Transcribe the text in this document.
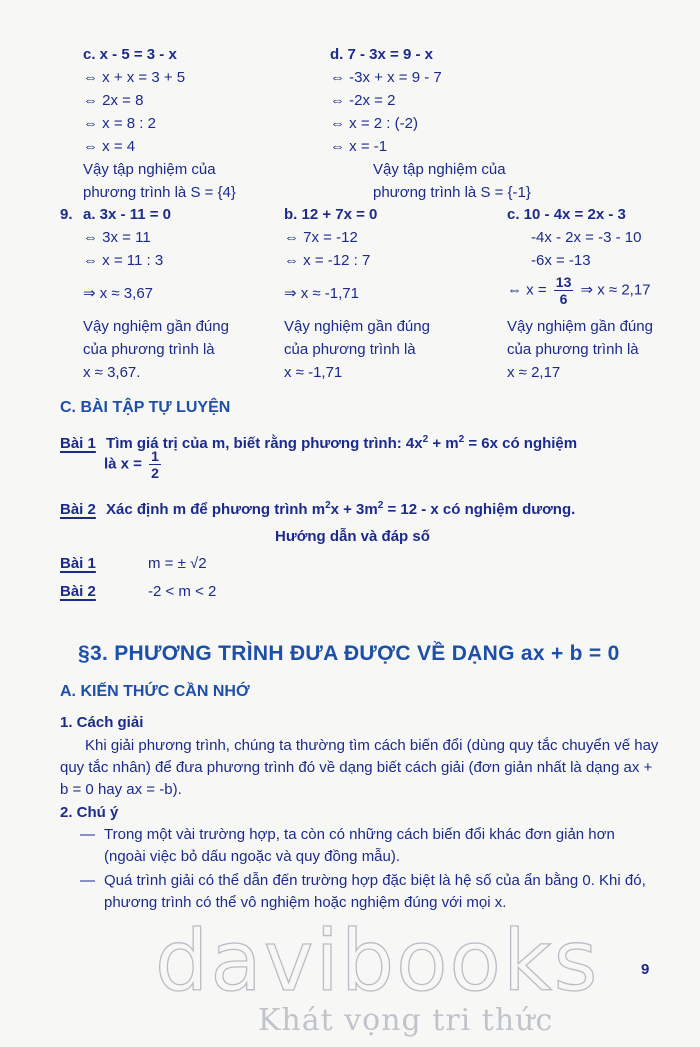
c. x - 5 = 3 - x
⇔ x + x = 3 + 5
⇔ 2x = 8
⇔ x = 8 : 2
⇔ x = 4
Vậy tập nghiệm của
phương trình là S = {4}
d. 7 - 3x = 9 - x
⇔ -3x + x = 9 - 7
⇔ -2x = 2
⇔ x = 2 : (-2)
⇔ x = -1
Vậy tập nghiệm của
phương trình là S = {-1}
9. a. 3x - 11 = 0
⇔ 3x = 11
⇔ x = 11 : 3
⇒ x ≈ 3,67
Vậy nghiệm gần đúng
của phương trình là
x ≈ 3,67.
b. 12 + 7x = 0
⇔ 7x = -12
⇔ x = -12 : 7
⇒ x ≈ -1,71
Vậy nghiệm gần đúng
của phương trình là
x ≈ -1,71
c. 10 - 4x = 2x - 3
-4x - 2x = -3 - 10
-6x = -13
⇔ $x = \frac{13}{6}$ ⇒ x ≈ 2,17
Vậy nghiệm gần đúng
của phương trình là
x ≈ 2,17
C. BÀI TẬP TỰ LUYỆN
Bài 1 Tìm giá trị của m, biết rằng phương trình: $4x^2 + m^2 = 6x$ có nghiệm
là $x = \frac{1}{2}$
Bài 2 Xác định m để phương trình $m^2x + 3m^2 = 12 - x$ có nghiệm dương.
Hướng dẫn và đáp số
Bài 1	m = ± √2
Bài 2	-2 < m < 2
§3. PHƯƠNG TRÌNH ĐƯA ĐƯỢC VỀ DẠNG ax + b = 0
A. KIẾN THỨC CẦN NHỚ
1. Cách giải
Khi giải phương trình, chúng ta thường tìm cách biến đổi (dùng quy tắc chuyển vế hay quy tắc nhân) để đưa phương trình đó về dạng biết cách giải (đơn giản nhất là dạng ax + b = 0 hay ax = -b).
2. Chú ý
— Trong một vài trường hợp, ta còn có những cách biến đổi khác đơn giản hơn (ngoài việc bỏ dấu ngoặc và quy đồng mẫu).
— Quá trình giải có thể dẫn đến trường hợp đặc biệt là hệ số của ẩn bằng 0. Khi đó, phương trình có thể vô nghiệm hoặc nghiệm đúng với mọi x.
davibooks	9
Khát vọng tri thức
